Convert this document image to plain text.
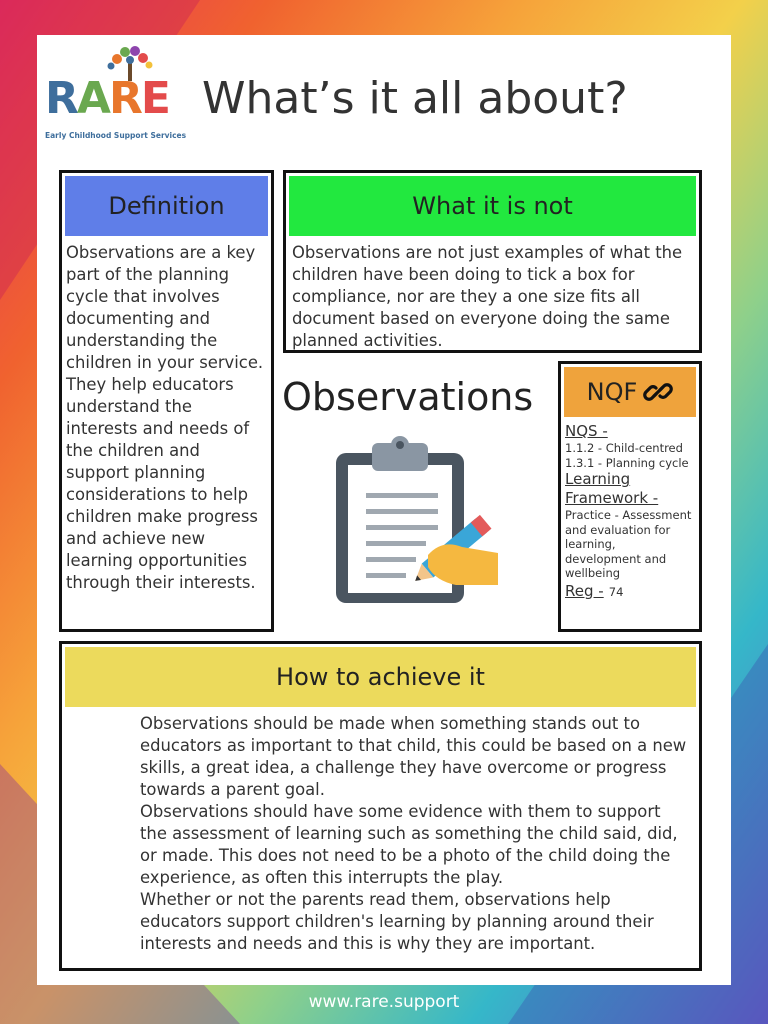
RARE
Early Childhood Support Services
What’s it all about?
Definition
Observations are a key part of the planning cycle that involves documenting and understanding the children in your service. They help educators understand the interests and needs of the children and support planning considerations to help children make progress and achieve new learning opportunities through their interests.
What it is not
Observations are not just examples of what the children have been doing to tick a box for compliance, nor are they a one size fits all document based on everyone doing the same planned activities.
Observations NQF
NQS -
1.1.2 - Child-centred
1.3.1 - Planning cycle
Learning
Framework -
Practice - Assessment and evaluation for learning, development and wellbeing
Reg - 74
How to achieve it
Observations should be made when something stands out to educators as important to that child, this could be based on a new skills, a great idea, a challenge they have overcome or progress towards a parent goal.
Observations should have some evidence with them to support the assessment of learning such as something the child said, did, or made. This does not need to be a photo of the child doing the experience, as often this interrupts the play.
Whether or not the parents read them, observations help educators support children's learning by planning around their interests and needs and this is why they are important.
www.rare.support
